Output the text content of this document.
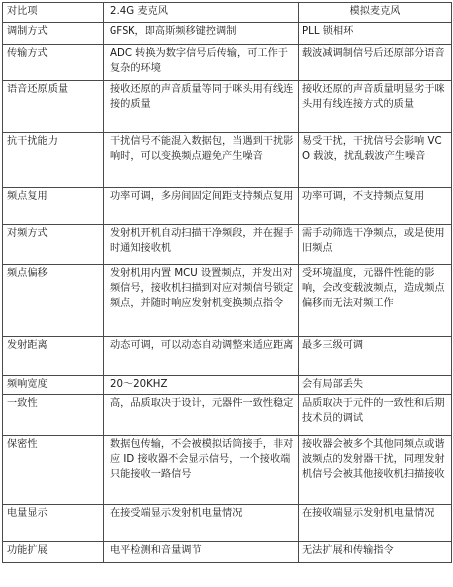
对比项	2.4G 麦克风	模拟麦克风
调制方式	GFSK，即高斯频移键控调制	PLL 锁相环
传输方式	ADC 转换为数字信号后传输，可工作于复杂的环境	载波减调制信号后还原部分语音
语音还原质量	接收还原的声音质量等同于咪头用有线连接的质量	接收还原的声音质量明显劣于咪头用有线连接方式的质量
抗干扰能力	干扰信号不能混入数据包，当遇到干扰影响时，可以变换频点避免产生噪音	易受干扰，干扰信号会影响 VCO 载波，扰乱载波产生噪音
频点复用	功率可调，多房间固定间距支持频点复用	功率可调，不支持频点复用
对频方式	发射机开机自动扫描干净频段，并在握手时通知接收机	需手动筛选干净频点，或是使用旧频点
频点偏移	发射机用内置 MCU 设置频点，并发出对频信号，接收机扫描到对应对频信号锁定频点，并随时响应发射机变换频点指令	受环境温度，元器件性能的影响，会改变载波频点，造成频点偏移而无法对频工作
发射距离	动态可调，可以动态自动调整来适应距离	最多三级可调
频响宽度	20～20KHZ	会有局部丢失
一致性	高，品质取决于设计，元器件一致性稳定	品质取决于元件的一致性和后期技术员的调试
保密性	数据包传输，不会被模拟话筒接手，非对应 ID 接收器不会显示信号，一个接收端只能接收一路信号	接收器会被多个其他同频点或谐波频点的发射器干扰，同理发射机信号会被其他接收机扫描接收
电量显示	在接受端显示发射机电量情况	在接收端显示发射机电量情况
功能扩展	电平检测和音量调节	无法扩展和传输指令
